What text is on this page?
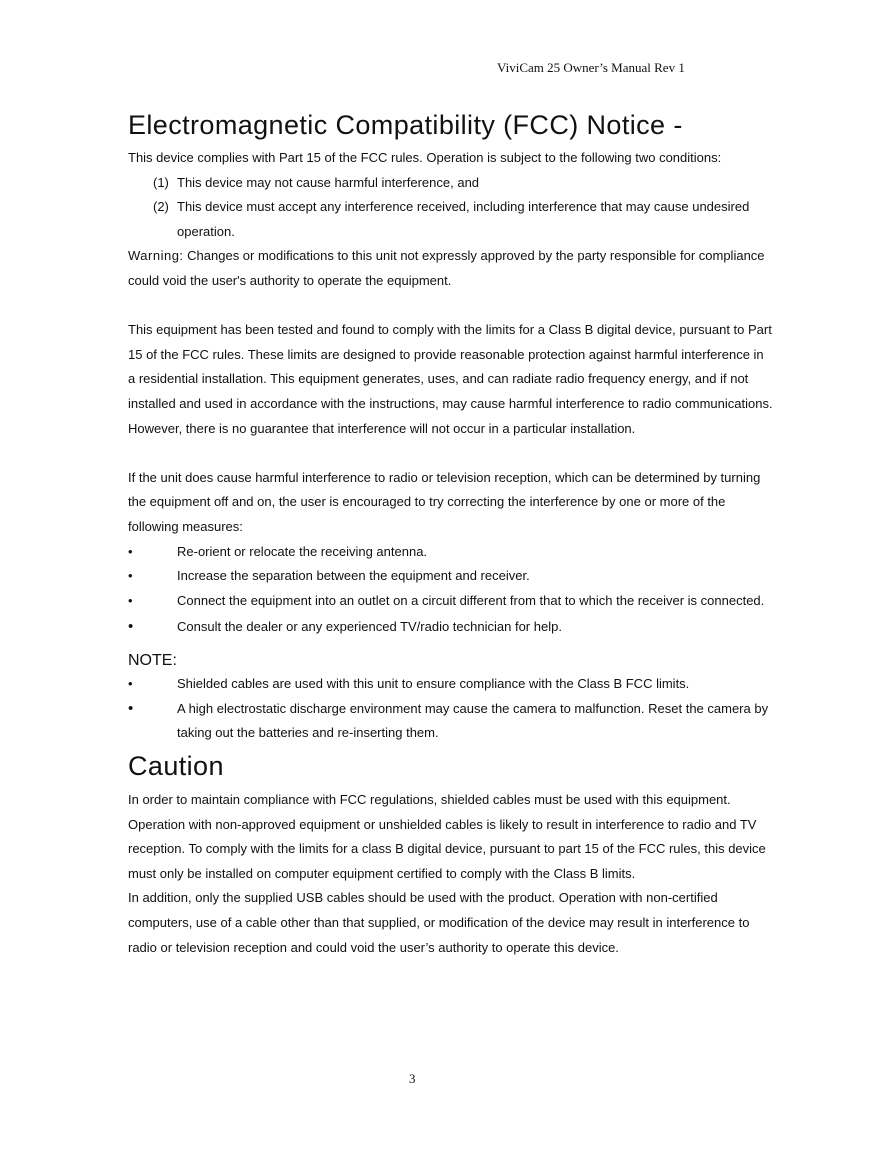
ViviCam 25 Owner’s Manual Rev 1
Electromagnetic Compatibility (FCC) Notice -

This device complies with Part 15 of the FCC rules. Operation is subject to the following two conditions:

(1) This device may not cause harmful interference, and
(2) This device must accept any interference received, including interference that may cause undesired operation.

Warning: Changes or modifications to this unit not expressly approved by the party responsible for compliance could void the user's authority to operate the equipment.

This equipment has been tested and found to comply with the limits for a Class B digital device, pursuant to Part 15 of the FCC rules. These limits are designed to provide reasonable protection against harmful interference in a residential installation. This equipment generates, uses, and can radiate radio frequency energy, and if not installed and used in accordance with the instructions, may cause harmful interference to radio communications. However, there is no guarantee that interference will not occur in a particular installation.

If the unit does cause harmful interference to radio or television reception, which can be determined by turning the equipment off and on, the user is encouraged to try correcting the interference by one or more of the following measures:

•	Re-orient or relocate the receiving antenna.
•	Increase the separation between the equipment and receiver.
•	Connect the equipment into an outlet on a circuit different from that to which the receiver is connected.
•	Consult the dealer or any experienced TV/radio technician for help.

NOTE:

•	Shielded cables are used with this unit to ensure compliance with the Class B FCC limits.
•	A high electrostatic discharge environment may cause the camera to malfunction. Reset the camera by taking out the batteries and re-inserting them.
Caution

In order to maintain compliance with FCC regulations, shielded cables must be used with this equipment. Operation with non-approved equipment or unshielded cables is likely to result in interference to radio and TV reception. To comply with the limits for a class B digital device, pursuant to part 15 of the FCC rules, this device must only be installed on computer equipment certified to comply with the Class B limits.

In addition, only the supplied USB cables should be used with the product. Operation with non-certified computers, use of a cable other than that supplied, or modification of the device may result in interference to radio or television reception and could void the user’s authority to operate this device.

3
